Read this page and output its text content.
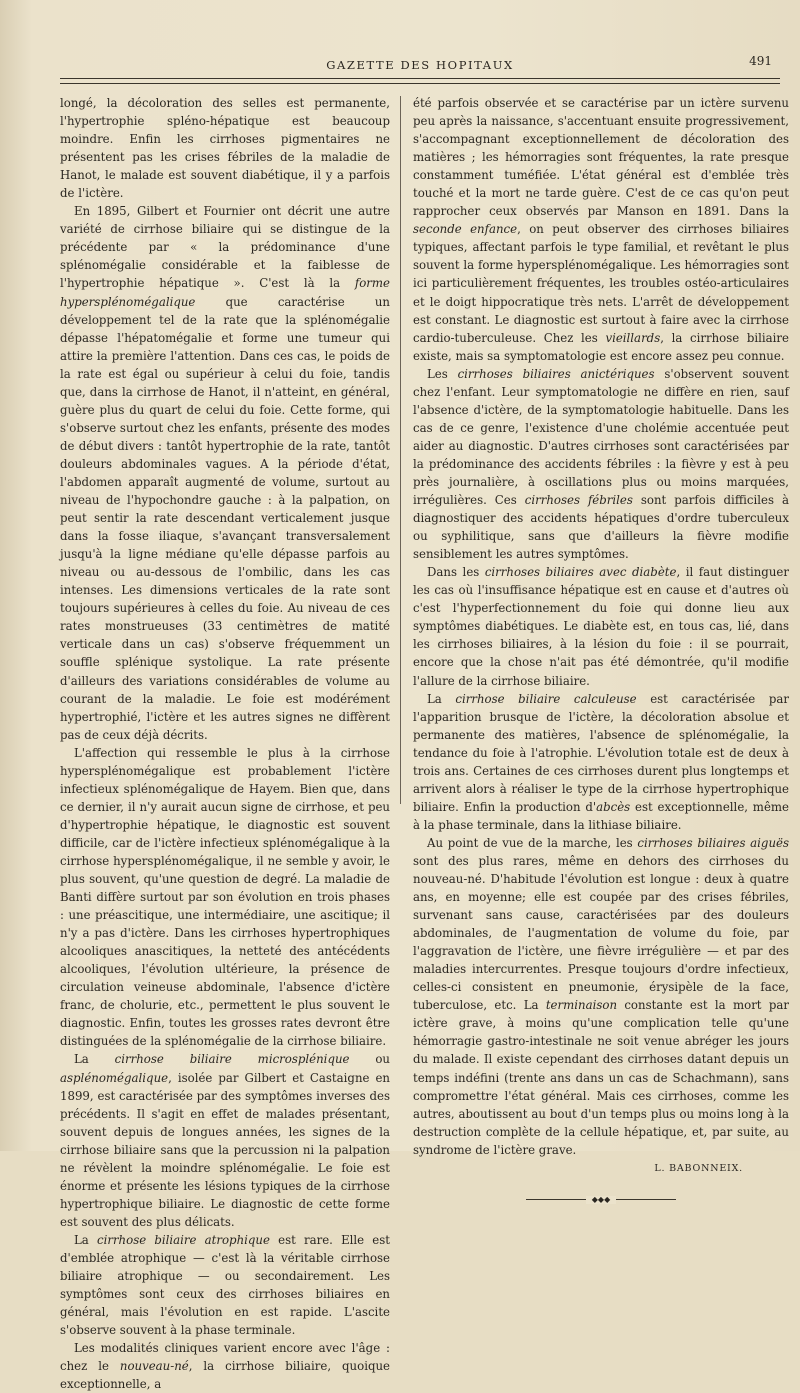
GAZETTE DES HOPITAUX	491

longé, la décoloration des selles est permanente, l'hypertrophie spléno-hépatique est beaucoup moindre. Enfin les cirrhoses pigmentaires ne présentent pas les crises fébriles de la maladie de Hanot, le malade est souvent diabétique, il y a parfois de l'ictère.

En 1895, Gilbert et Fournier ont décrit une autre variété de cirrhose biliaire qui se distingue de la précédente par « la prédominance d'une splénomégalie considérable et la faiblesse de l'hypertrophie hépatique ». C'est là la forme hypersplénomégalique que caractérise un développement tel de la rate que la splénomégalie dépasse l'hépatomégalie et forme une tumeur qui attire la première l'attention. Dans ces cas, le poids de la rate est égal ou supérieur à celui du foie, tandis que, dans la cirrhose de Hanot, il n'atteint, en général, guère plus du quart de celui du foie. Cette forme, qui s'observe surtout chez les enfants, présente des modes de début divers : tantôt hypertrophie de la rate, tantôt douleurs abdominales vagues. A la période d'état, l'abdomen apparaît augmenté de volume, surtout au niveau de l'hypochondre gauche : à la palpation, on peut sentir la rate descendant verticalement jusque dans la fosse iliaque, s'avançant transversalement jusqu'à la ligne médiane qu'elle dépasse parfois au niveau ou au-dessous de l'ombilic, dans les cas intenses. Les dimensions verticales de la rate sont toujours supérieures à celles du foie. Au niveau de ces rates monstrueuses (33 centimètres de matité verticale dans un cas) s'observe fréquemment un souffle splénique systolique. La rate présente d'ailleurs des variations considérables de volume au courant de la maladie. Le foie est modérément hypertrophié, l'ictère et les autres signes ne diffèrent pas de ceux déjà décrits.

L'affection qui ressemble le plus à la cirrhose hypersplénomégalique est probablement l'ictère infectieux splénomégalique de Hayem. Bien que, dans ce dernier, il n'y aurait aucun signe de cirrhose, et peu d'hypertrophie hépatique, le diagnostic est souvent difficile, car de l'ictère infectieux splénomégalique à la cirrhose hypersplénomégalique, il ne semble y avoir, le plus souvent, qu'une question de degré. La maladie de Banti diffère surtout par son évolution en trois phases : une préascitique, une intermédiaire, une ascitique; il n'y a pas d'ictère. Dans les cirrhoses hypertrophiques alcooliques anascitiques, la netteté des antécédents alcooliques, l'évolution ultérieure, la présence de circulation veineuse abdominale, l'absence d'ictère franc, de cholurie, etc., permettent le plus souvent le diagnostic. Enfin, toutes les grosses rates devront être distinguées de la splénomégalie de la cirrhose biliaire.

La cirrhose biliaire microsplénique ou asplénomégalique, isolée par Gilbert et Castaigne en 1899, est caractérisée par des symptômes inverses des précédents. Il s'agit en effet de malades présentant, souvent depuis de longues années, les signes de la cirrhose biliaire sans que la percussion ni la palpation ne révèlent la moindre splénomégalie. Le foie est énorme et présente les lésions typiques de la cirrhose hypertrophique biliaire. Le diagnostic de cette forme est souvent des plus délicats.

La cirrhose biliaire atrophique est rare. Elle est d'emblée atrophique — c'est là la véritable cirrhose biliaire atrophique — ou secondairement. Les symptômes sont ceux des cirrhoses biliaires en général, mais l'évolution en est rapide. L'ascite s'observe souvent à la phase terminale.

Les modalités cliniques varient encore avec l'âge : chez le nouveau-né, la cirrhose biliaire, quoique exceptionnelle, a

été parfois observée et se caractérise par un ictère survenu peu après la naissance, s'accentuant ensuite progressivement, s'accompagnant exceptionnellement de décoloration des matières ; les hémorragies sont fréquentes, la rate presque constamment tuméfiée. L'état général est d'emblée très touché et la mort ne tarde guère. C'est de ce cas qu'on peut rapprocher ceux observés par Manson en 1891. Dans la seconde enfance, on peut observer des cirrhoses biliaires typiques, affectant parfois le type familial, et revêtant le plus souvent la forme hypersplénomégalique. Les hémorragies sont ici particulièrement fréquentes, les troubles ostéo-articulaires et le doigt hippocratique très nets. L'arrêt de développement est constant. Le diagnostic est surtout à faire avec la cirrhose cardio-tuberculeuse. Chez les vieillards, la cirrhose biliaire existe, mais sa symptomatologie est encore assez peu connue.

Les cirrhoses biliaires anictériques s'observent souvent chez l'enfant. Leur symptomatologie ne diffère en rien, sauf l'absence d'ictère, de la symptomatologie habituelle. Dans les cas de ce genre, l'existence d'une cholémie accentuée peut aider au diagnostic. D'autres cirrhoses sont caractérisées par la prédominance des accidents fébriles : la fièvre y est à peu près journalière, à oscillations plus ou moins marquées, irrégulières. Ces cirrhoses fébriles sont parfois difficiles à diagnostiquer des accidents hépatiques d'ordre tuberculeux ou syphilitique, sans que d'ailleurs la fièvre modifie sensiblement les autres symptômes.

Dans les cirrhoses biliaires avec diabète, il faut distinguer les cas où l'insuffisance hépatique est en cause et d'autres où c'est l'hyperfectionnement du foie qui donne lieu aux symptômes diabétiques. Le diabète est, en tous cas, lié, dans les cirrhoses biliaires, à la lésion du foie : il se pourrait, encore que la chose n'ait pas été démontrée, qu'il modifie l'allure de la cirrhose biliaire.

La cirrhose biliaire calculeuse est caractérisée par l'apparition brusque de l'ictère, la décoloration absolue et permanente des matières, l'absence de splénomégalie, la tendance du foie à l'atrophie. L'évolution totale est de deux à trois ans. Certaines de ces cirrhoses durent plus longtemps et arrivent alors à réaliser le type de la cirrhose hypertrophique biliaire. Enfin la production d'abcès est exceptionnelle, même à la phase terminale, dans la lithiase biliaire.

Au point de vue de la marche, les cirrhoses biliaires aiguës sont des plus rares, même en dehors des cirrhoses du nouveau-né. D'habitude l'évolution est longue : deux à quatre ans, en moyenne; elle est coupée par des crises fébriles, survenant sans cause, caractérisées par des douleurs abdominales, de l'augmentation de volume du foie, par l'aggravation de l'ictère, une fièvre irrégulière — et par des maladies intercurrentes. Presque toujours d'ordre infectieux, celles-ci consistent en pneumonie, érysipèle de la face, tuberculose, etc. La terminaison constante est la mort par ictère grave, à moins qu'une complication telle qu'une hémorragie gastro-intestinale ne soit venue abréger les jours du malade. Il existe cependant des cirrhoses datant depuis un temps indéfini (trente ans dans un cas de Schachmann), sans compromettre l'état général. Mais ces cirrhoses, comme les autres, aboutissent au bout d'un temps plus ou moins long à la destruction complète de la cellule hépatique, et, par suite, au syndrome de l'ictère grave.

L. BABONNEIX.
◆◆◆
